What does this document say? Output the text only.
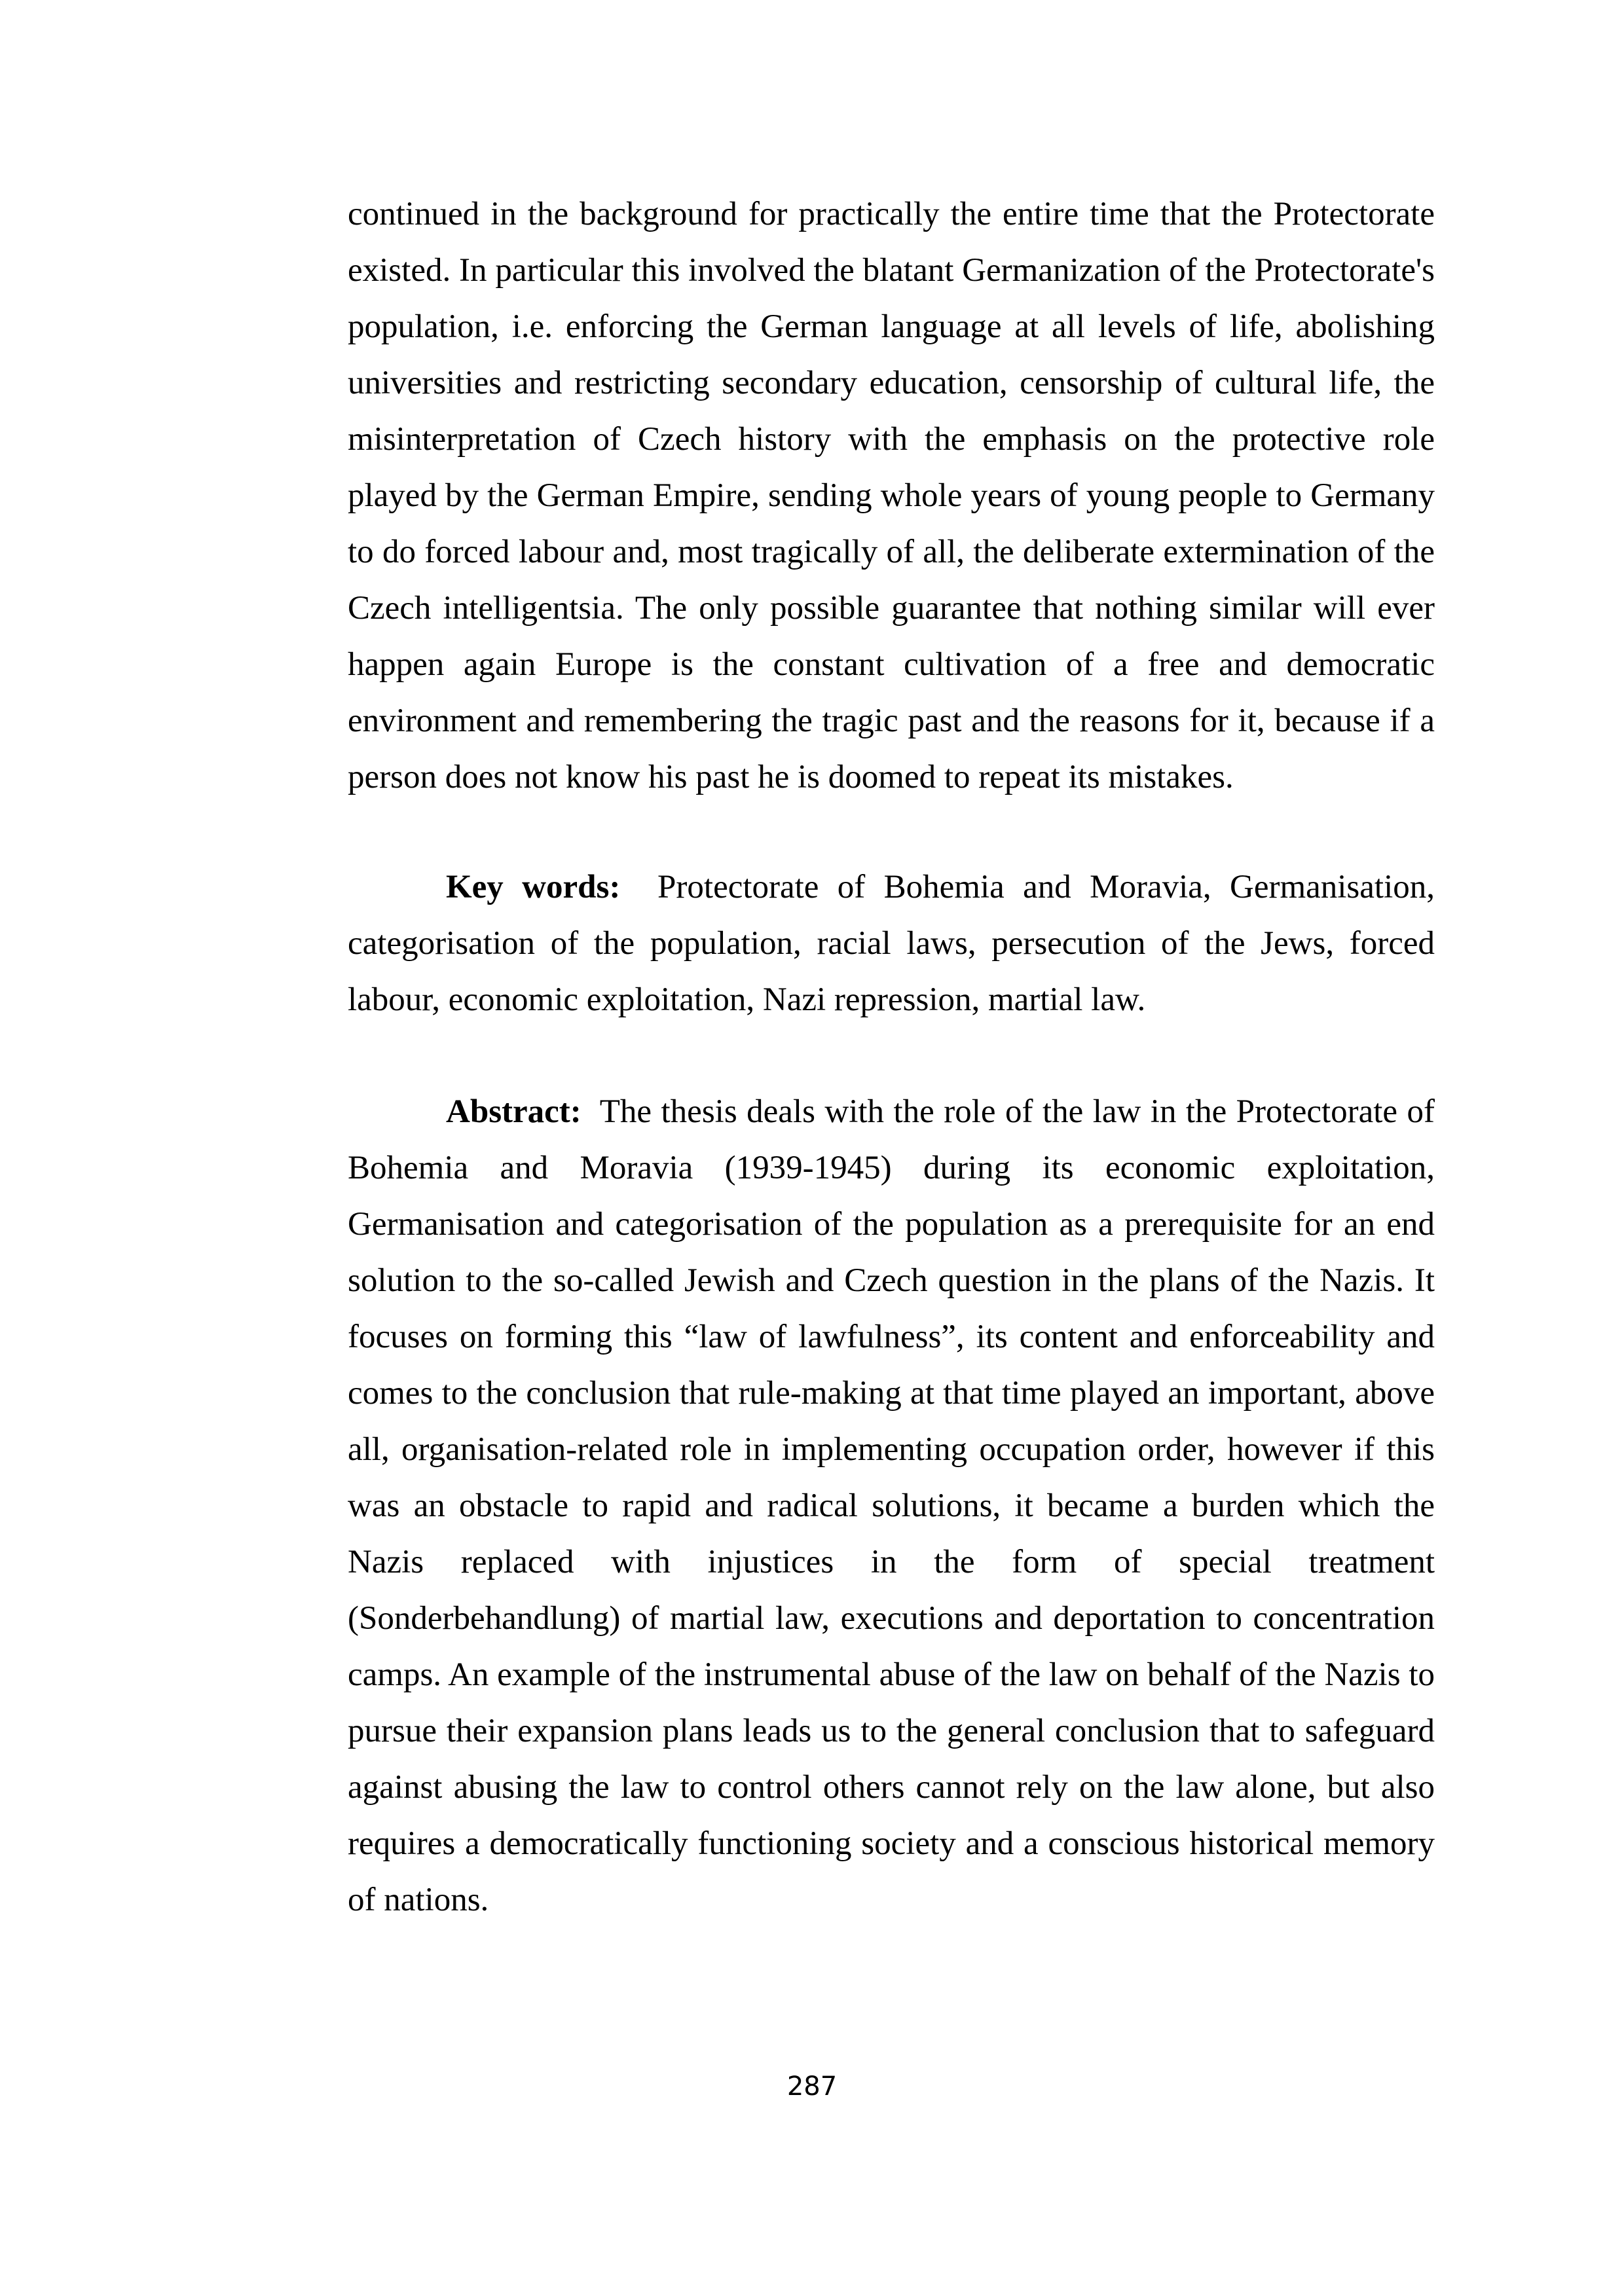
continued in the background for practically the entire time that the Protectorate existed. In particular this involved the blatant Germanization of the Protectorate's population, i.e. enforcing the German language at all levels of life, abolishing universities and restricting secondary education, censorship of cultural life, the misinterpretation of Czech history with the emphasis on the protective role played by the German Empire, sending whole years of young people to Germany to do forced labour and, most tragically of all, the deliberate extermination of the Czech intelligentsia. The only possible guarantee that nothing similar will ever happen again Europe is the constant cultivation of a free and democratic environment and remembering the tragic past and the reasons for it, because if a person does not know his past he is doomed to repeat its mistakes.

Key words: Protectorate of Bohemia and Moravia, Germanisation, categorisation of the population, racial laws, persecution of the Jews, forced labour, economic exploitation, Nazi repression, martial law.

Abstract: The thesis deals with the role of the law in the Protectorate of Bohemia and Moravia (1939-1945) during its economic exploitation, Germanisation and categorisation of the population as a prerequisite for an end solution to the so-called Jewish and Czech question in the plans of the Nazis. It focuses on forming this “law of lawfulness”, its content and enforceability and comes to the conclusion that rule-making at that time played an important, above all, organisation-related role in implementing occupation order, however if this was an obstacle to rapid and radical solutions, it became a burden which the Nazis replaced with injustices in the form of special treatment (Sonderbehandlung) of martial law, executions and deportation to concentration camps. An example of the instrumental abuse of the law on behalf of the Nazis to pursue their expansion plans leads us to the general conclusion that to safeguard against abusing the law to control others cannot rely on the law alone, but also requires a democratically functioning society and a conscious historical memory of nations.

287
